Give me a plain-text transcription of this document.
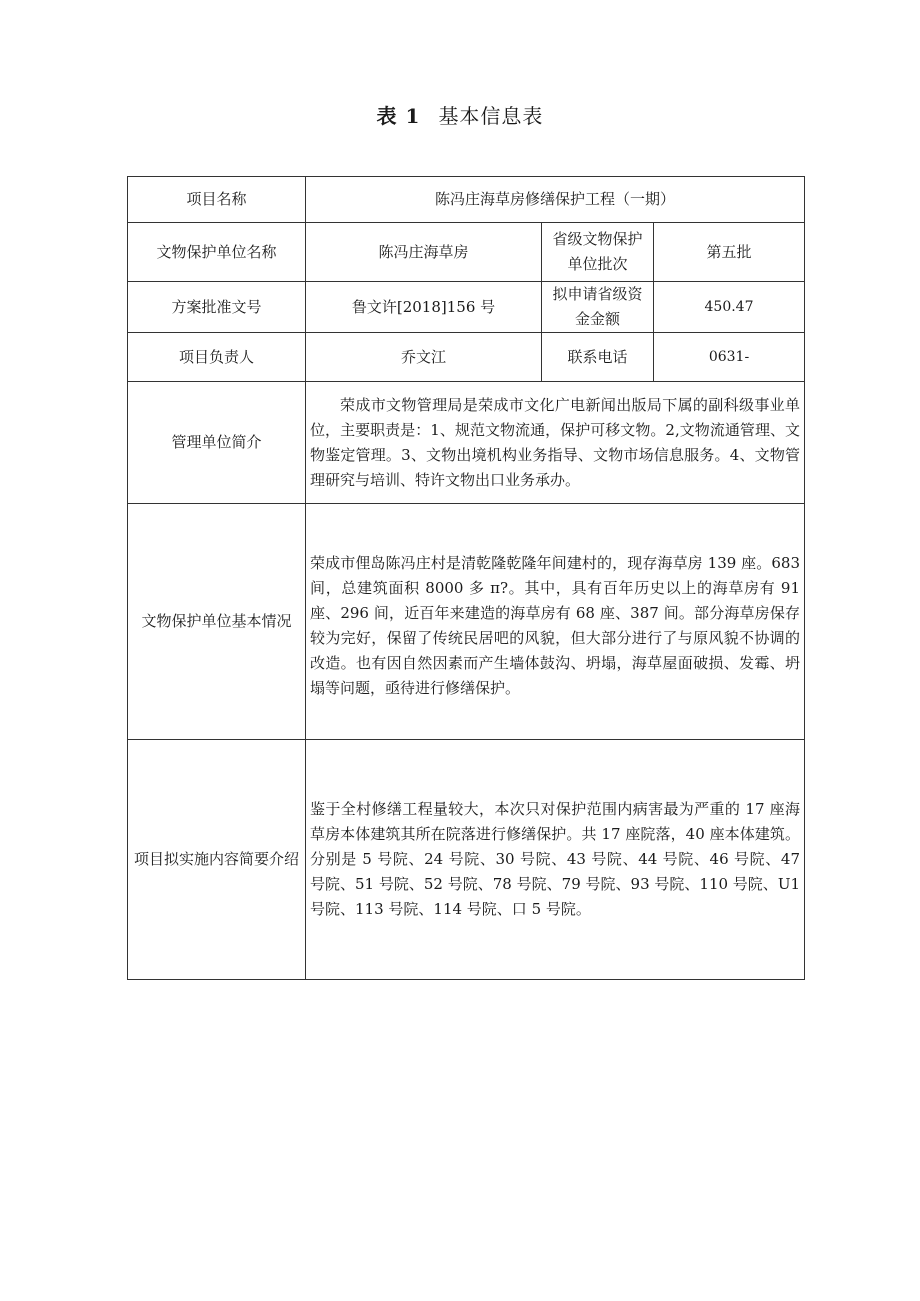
表 1 基本信息表
项目名称	陈冯庄海草房修缮保护工程（一期）		
文物保护单位名称	陈冯庄海草房	省级文物保护单位批次	第五批
方案批准文号	鲁文许[2018]156 号	拟申请省级资金金额	450.47
项目负责人	乔文江	联系电话	0631-
管理单位简介	荣成市文物管理局是荣成市文化广电新闻出版局下属的副科级事业单位，主要职责是：1、规范文物流通，保护可移文物。2,文物流通管理、文物鉴定管理。3、文物出境机构业务指导、文物市场信息服务。4、文物管理研究与培训、特许文物出口业务承办。		

文物保护单位基本情况	荣成市俚岛陈冯庄村是清乾隆乾隆年间建村的，现存海草房 139 座。683 间，总建筑面积 8000 多 π?。其中，具有百年历史以上的海草房有 91 座、296 间，近百年来建造的海草房有 68 座、387 间。部分海草房保存较为完好，保留了传统民居吧的风貌，但大部分进行了与原风貌不协调的改造。也有因自然因素而产生墙体鼓沟、坍塌，海草屋面破损、发霉、坍塌等问题，亟待进行修缮保护。		

项目拟实施内容简要介绍	鉴于全村修缮工程量较大，本次只对保护范围内病害最为严重的 17 座海草房本体建筑其所在院落进行修缮保护。共 17 座院落，40 座本体建筑。分别是 5 号院、24 号院、30 号院、43 号院、44 号院、46 号院、47 号院、51 号院、52 号院、78 号院、79 号院、93 号院、110 号院、U1 号院、113 号院、114 号院、口 5 号院。		
